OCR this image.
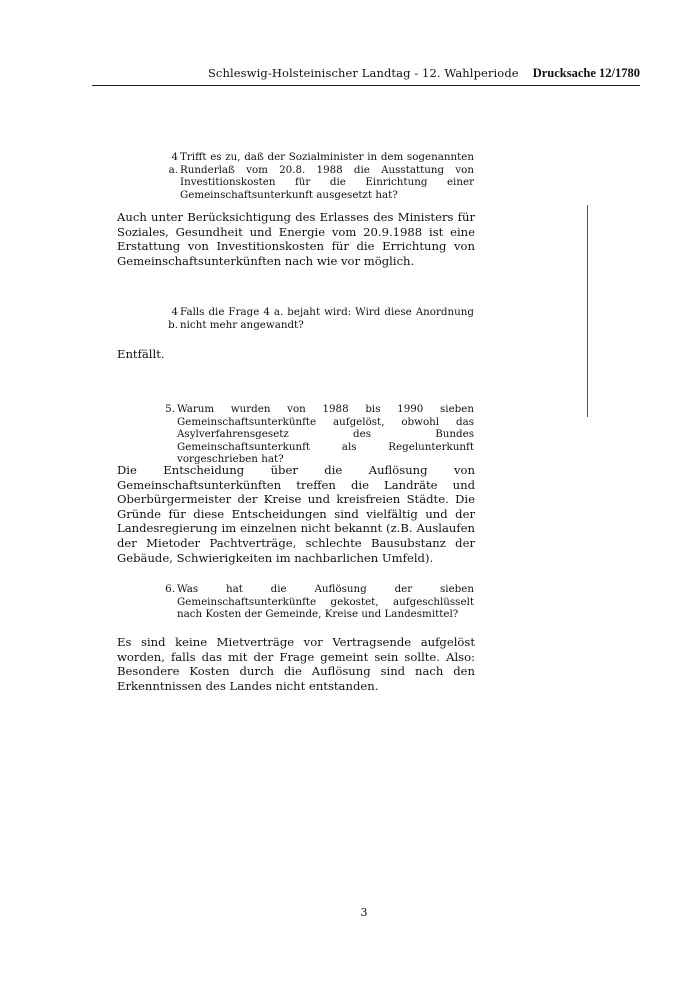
Schleswig-Holsteinischer Landtag - 12. Wahlperiode Drucksache 12/1780
4 a.
Trifft es zu, daß der Sozialminister in dem sogenannten Runderlaß vom 20.8. 1988 die Ausstattung von Investitionskosten für die Einrichtung einer Gemeinschaftsunterkunft ausgesetzt hat?
Auch unter Berücksichtigung des Erlasses des Ministers für Soziales, Gesundheit und Energie vom 20.9.1988 ist eine Erstattung von Investitionskosten für die Errichtung von Gemeinschaftsunterkünften nach wie vor möglich.
4 b.
Falls die Frage 4 a. bejaht wird: Wird diese Anordnung nicht mehr angewandt?
Entfällt.
5. Warum wurden von 1988 bis 1990 sieben Gemeinschaftsunterkünfte aufgelöst, obwohl das Asylverfahrensgesetz des Bundes Gemeinschaftsunterkunft als Regelunterkunft vorgeschrieben hat?
Die Entscheidung über die Auflösung von Gemeinschaftsunterkünften treffen die Landräte und Oberbürgermeister der Kreise und kreisfreien Städte. Die Gründe für diese Entscheidungen sind vielfältig und der Landesregierung im einzelnen nicht bekannt (z.B. Auslaufen der Mietoder Pachtverträge, schlechte Bausubstanz der Gebäude, Schwierigkeiten im nachbarlichen Umfeld).
6. Was hat die Auflösung der sieben Gemeinschaftsunterkünfte gekostet, aufgeschlüsselt nach Kosten der Gemeinde, Kreise und Landesmittel?
Es sind keine Mietverträge vor Vertragsende aufgelöst worden, falls das mit der Frage gemeint sein sollte. Also: Besondere Kosten durch die Auflösung sind nach den Erkenntnissen des Landes nicht entstanden.
3
